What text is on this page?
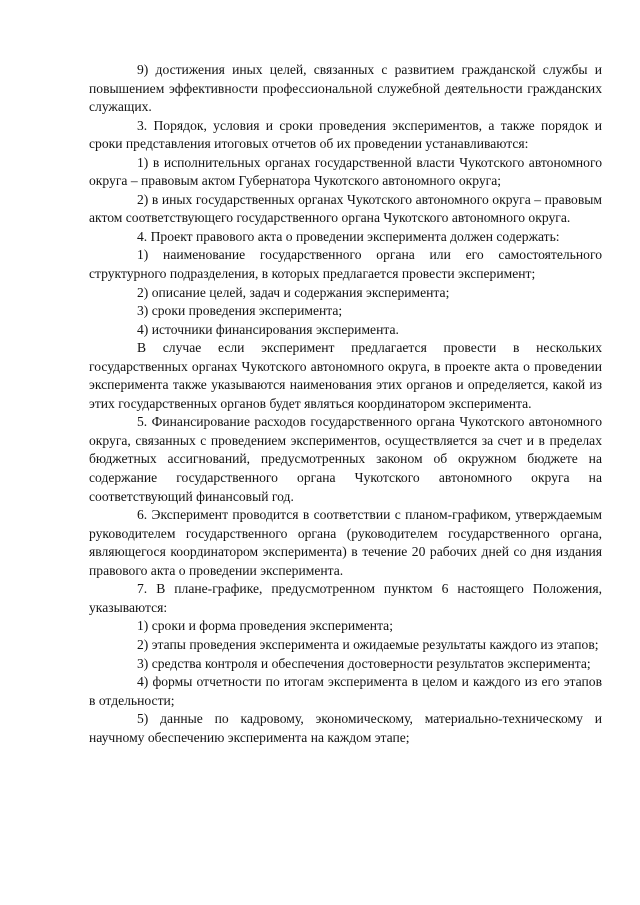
9) достижения иных целей, связанных с развитием гражданской службы и повышением эффективности профессиональной служебной деятельности гражданских служащих.

3. Порядок, условия и сроки проведения экспериментов, а также порядок и сроки представления итоговых отчетов об их проведении устанавливаются:

1) в исполнительных органах государственной власти Чукотского автономного округа – правовым актом Губернатора Чукотского автономного округа;

2) в иных государственных органах Чукотского автономного округа – правовым актом соответствующего государственного органа Чукотского автономного округа.

4. Проект правового акта о проведении эксперимента должен содержать:

1) наименование государственного органа или его самостоятельного структурного подразделения, в которых предлагается провести эксперимент;

2) описание целей, задач и содержания эксперимента;

3) сроки проведения эксперимента;

4) источники финансирования эксперимента.

В случае если эксперимент предлагается провести в нескольких государственных органах Чукотского автономного округа, в проекте акта о проведении эксперимента также указываются наименования этих органов и определяется, какой из этих государственных органов будет являться координатором эксперимента.

5. Финансирование расходов государственного органа Чукотского автономного округа, связанных с проведением экспериментов, осуществляется за счет и в пределах бюджетных ассигнований, предусмотренных законом об окружном бюджете на содержание государственного органа Чукотского автономного округа на соответствующий финансовый год.

6. Эксперимент проводится в соответствии с планом-графиком, утверждаемым руководителем государственного органа (руководителем государственного органа, являющегося координатором эксперимента) в течение 20 рабочих дней со дня издания правового акта о проведении эксперимента.

7. В плане-графике, предусмотренном пунктом 6 настоящего Положения, указываются:

1) сроки и форма проведения эксперимента;

2) этапы проведения эксперимента и ожидаемые результаты каждого из этапов;

3) средства контроля и обеспечения достоверности результатов эксперимента;

4) формы отчетности по итогам эксперимента в целом и каждого из его этапов в отдельности;

5) данные по кадровому, экономическому, материально-техническому и научному обеспечению эксперимента на каждом этапе;
